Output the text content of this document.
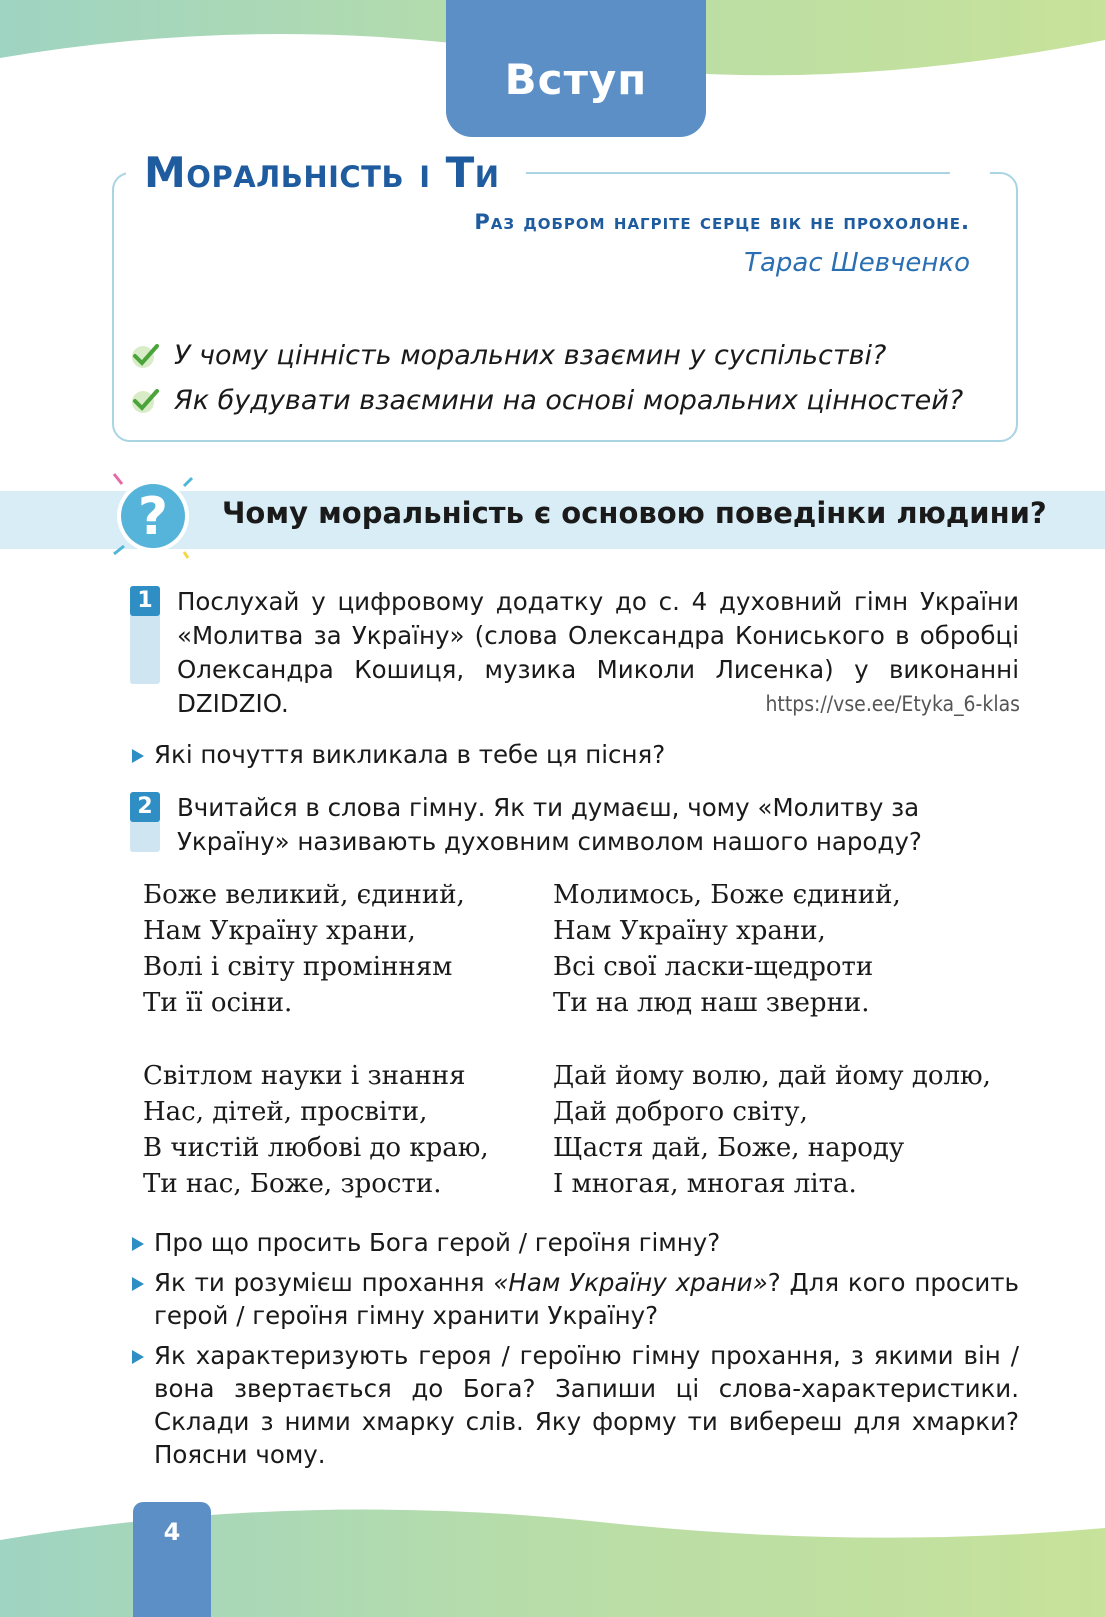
Вступ
Моральність і Ти
Раз добром нагріте серце вік не прохолоне.
Тарас Шевченко
У чому цінність моральних взаємин у суспільстві?
Як будувати взаємини на основі моральних цінностей?
? Чому моральність є основою поведінки людини?
1 Послухай у цифровому додатку до с. 4 духовний гімн України «Молитва за Україну» (слова Олександра Кониського в обробці Олександра Кошиця, музика Миколи Лисенка) у виконанні DZIDZIO.	https://vse.ee/Etyka_6-klas
Які почуття викликала в тебе ця пісня?
2 Вчитайся в слова гімну. Як ти думаєш, чому «Молитву за Україну» називають духовним символом нашого народу?
Боже великий, єдиний,
Нам Україну храни,
Волі і світу промінням
Ти її осіни.
Молимось, Боже єдиний,
Нам Україну храни,
Всі свої ласки-щедроти
Ти на люд наш зверни.
Світлом науки і знання
Нас, дітей, просвіти,
В чистій любові до краю,
Ти нас, Боже, зрости.
Дай йому волю, дай йому долю,
Дай доброго світу,
Щастя дай, Боже, народу
І многая, многая літа.
Про що просить Бога герой / героїня гімну?
Як ти розумієш прохання «Нам Україну храни»? Для кого просить герой / героїня гімну хранити Україну?
Як характеризують героя / героїню гімну прохання, з якими він / вона звертається до Бога? Запиши ці слова-характеристики. Склади з ними хмарку слів. Яку форму ти вибереш для хмарки? Поясни чому.
4
